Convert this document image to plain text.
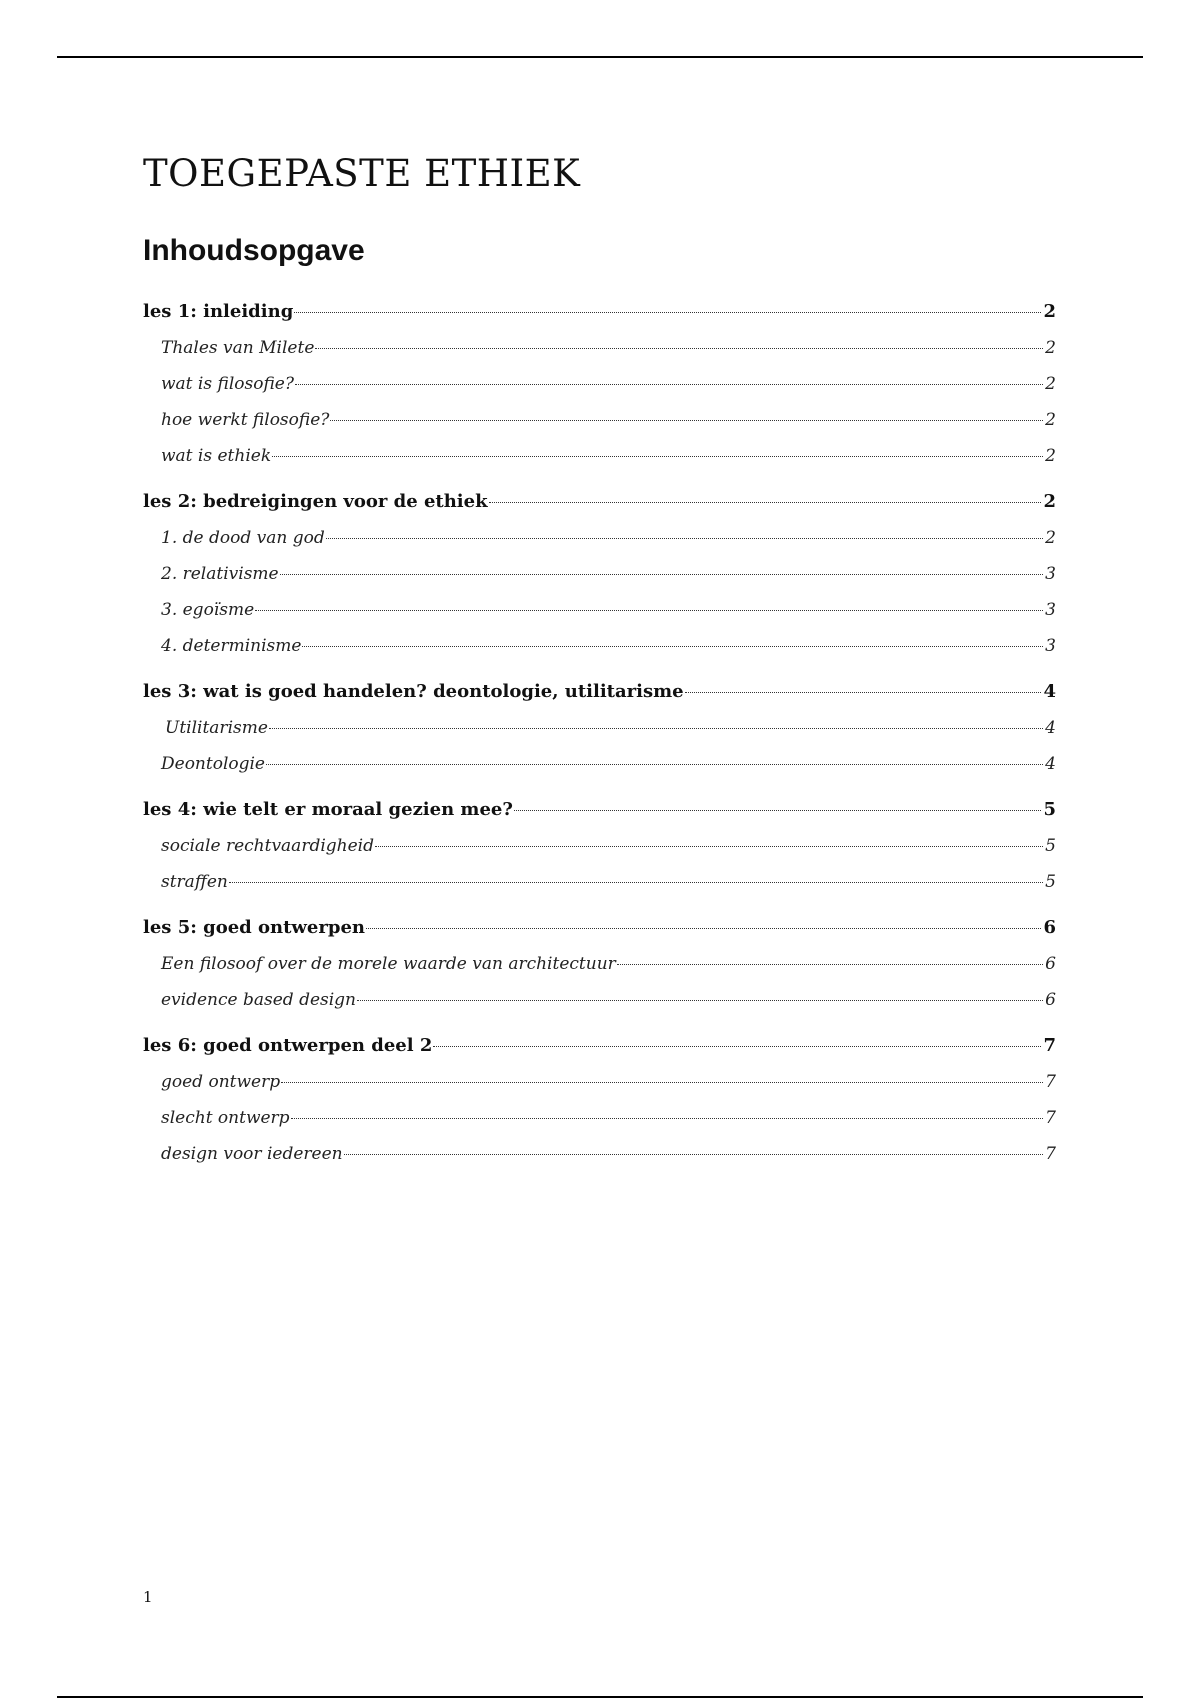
TOEGEPASTE ETHIEK
Inhoudsopgave
les 1: inleiding	2
Thales van Milete	2
wat is filosofie?	2
hoe werkt filosofie?	2
wat is ethiek	2
les 2: bedreigingen voor de ethiek	2
1. de dood van god	2
2. relativisme	3
3. egoïsme	3
4. determinisme	3
les 3: wat is goed handelen? deontologie, utilitarisme	4
Utilitarisme	4
Deontologie	4
les 4: wie telt er moraal gezien mee?	5
sociale rechtvaardigheid	5
straffen	5
les 5: goed ontwerpen	6
Een filosoof over de morele waarde van architectuur	6
evidence based design	6
les 6: goed ontwerpen deel 2	7
goed ontwerp	7
slecht ontwerp	7
design voor iedereen	7
1
